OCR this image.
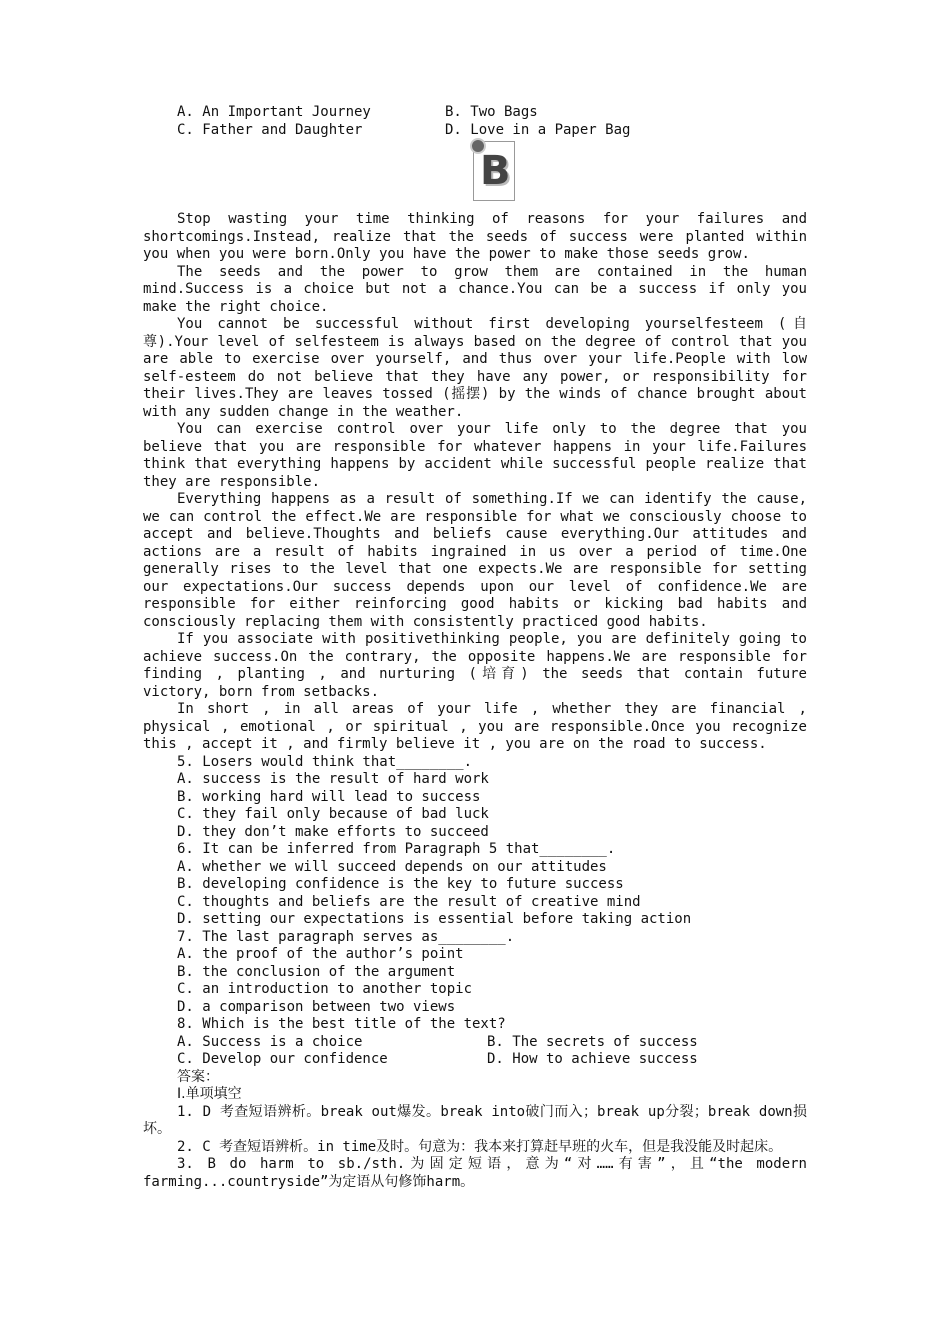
A. An Important Journey	B. Two Bags
C. Father and Daughter	D. Love in a Paper Bag
B

Stop wasting your time thinking of reasons for your failures and shortcomings.Instead, realize that the seeds of success were planted within you when you were born.Only you have the power to make those seeds grow.

The seeds and the power to grow them are contained in the human mind.Success is a choice but not a chance.You can be a success if only you make the right choice.

You cannot be successful without first developing yourselfesteem (自尊).Your level of selfesteem is always based on the degree of control that you are able to exercise over yourself, and thus over your life.People with low self-esteem do not believe that they have any power, or responsibility for their lives.They are leaves tossed (摇摆) by the winds of chance brought about with any sudden change in the weather.

You can exercise control over your life only to the degree that you believe that you are responsible for whatever happens in your life.Failures think that everything happens by accident while successful people realize that they are responsible.

Everything happens as a result of something.If we can identify the cause, we can control the effect.We are responsible for what we consciously choose to accept and believe.Thoughts and beliefs cause everything.Our attitudes and actions are a result of habits ingrained in us over a period of time.One generally rises to the level that one expects.We are responsible for setting our expectations.Our success depends upon our level of confidence.We are responsible for either reinforcing good habits or kicking bad habits and consciously replacing them with consistently practiced good habits.

If you associate with positivethinking people, you are definitely going to achieve success.On the contrary, the opposite happens.We are responsible for finding , planting , and nurturing (培育) the seeds that contain future victory, born from setbacks.

In short , in all areas of your life , whether they are financial , physical , emotional , or spiritual , you are responsible.Once you recognize this , accept it , and firmly believe it , you are on the road to success.

5. Losers would think that________.
A. success is the result of hard work
B. working hard will lead to success
C. they fail only because of bad luck
D. they don’t make efforts to succeed
6. It can be inferred from Paragraph 5 that________.
A. whether we will succeed depends on our attitudes
B. developing confidence is the key to future success
C. thoughts and beliefs are the result of creative mind
D. setting our expectations is essential before taking action
7. The last paragraph serves as________.
A. the proof of the author’s point
B. the conclusion of the argument
C. an introduction to another topic
D. a comparison between two views
8. Which is the best title of the text?
A. Success is a choice	B. The secrets of success
C. Develop our confidence	D. How to achieve success
答案：
Ⅰ.单项填空

1. D 考查短语辨析。break out爆发。break into破门而入；break up分裂；break down损坏。

2. C 考查短语辨析。in time及时。句意为：我本来打算赶早班的火车，但是我没能及时起床。

3. B do harm to sb./sth.为固定短语，意为“对……有害”，且“the modern farming...countryside”为定语从句修饰harm。
